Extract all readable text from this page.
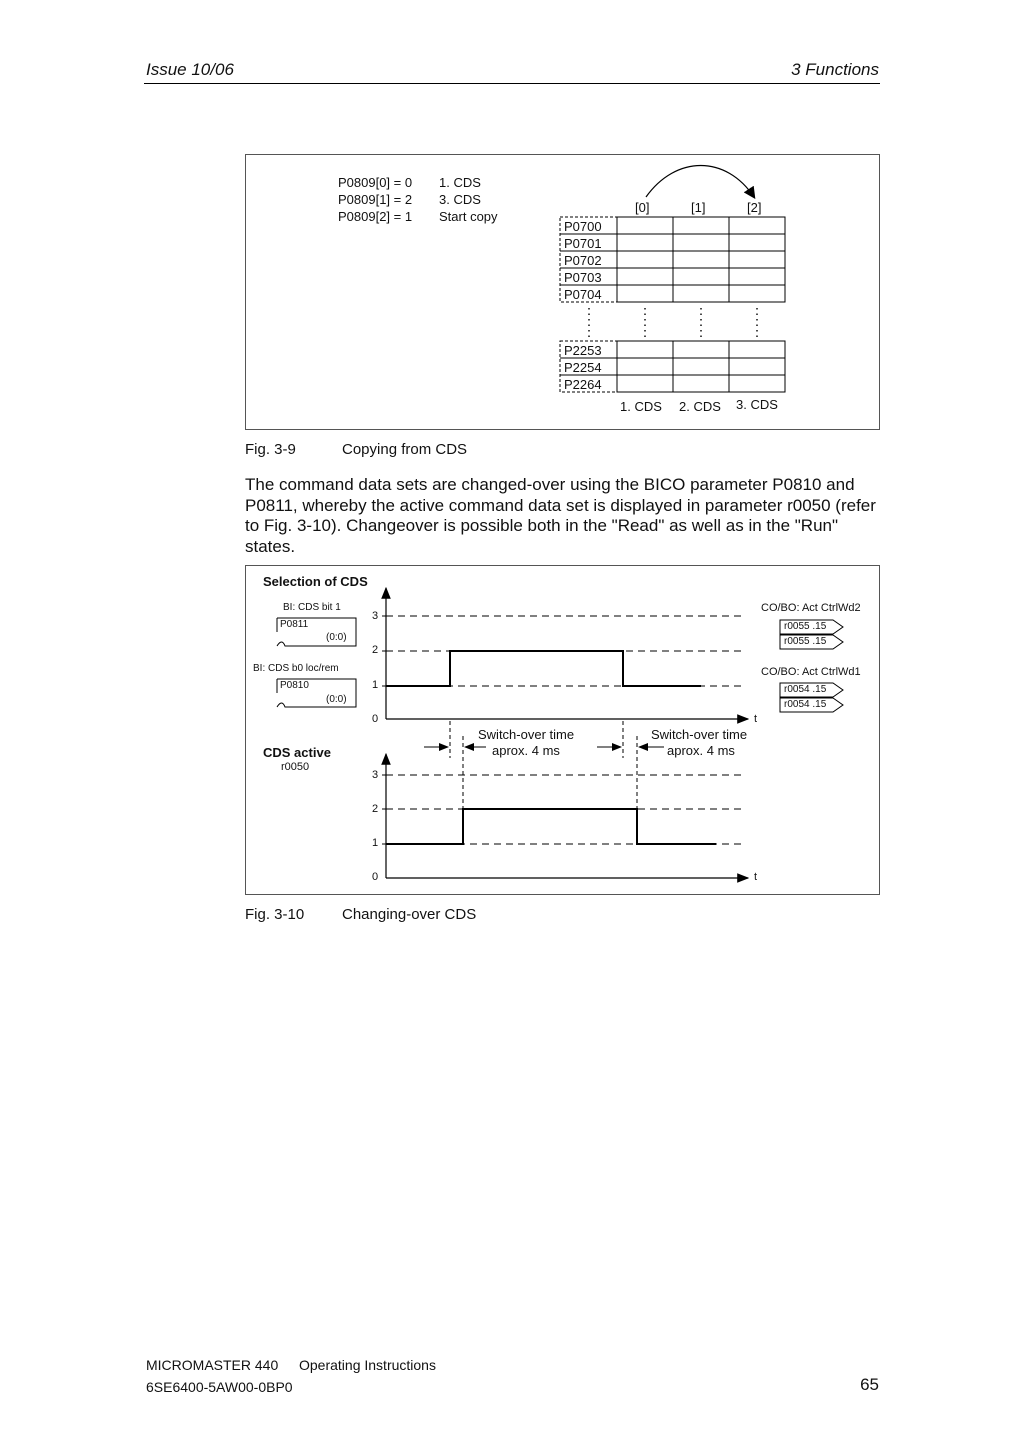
Issue 10/06	3 Functions
P0809[0] = 0 1. CDS
P0809[1] = 2 3. CDS
P0809[2] = 1 Start copy
[0]	[1]	[2]
P0700
P0701
P0702
P0703
P0704
P2253
P2254
P2264
1. CDS 2. CDS 3. CDS
Fig. 3-9	Copying from CDS
The command data sets are changed-over using the BICO parameter P0810 and P0811, whereby the active command data set is displayed in parameter r0050 (refer to Fig. 3-10). Changeover is possible both in the "Read" as well as in the "Run" states.
Selection of CDS
BI: CDS bit 1
P0811
(0:0)
BI: CDS b0 loc/rem
P0810
(0:0)
CDS active
r0050
3
2
1
0	t
3
2
1
0	t
Switch-over time
aprox. 4 ms
Switch-over time
aprox. 4 ms
CO/BO: Act CtrlWd2
r0055 .15
r0055 .15
CO/BO: Act CtrlWd1
r0054 .15
r0054 .15
Fig. 3-10	Changing-over CDS
MICROMASTER 440 Operating Instructions
6SE6400-5AW00-0BP0	65
